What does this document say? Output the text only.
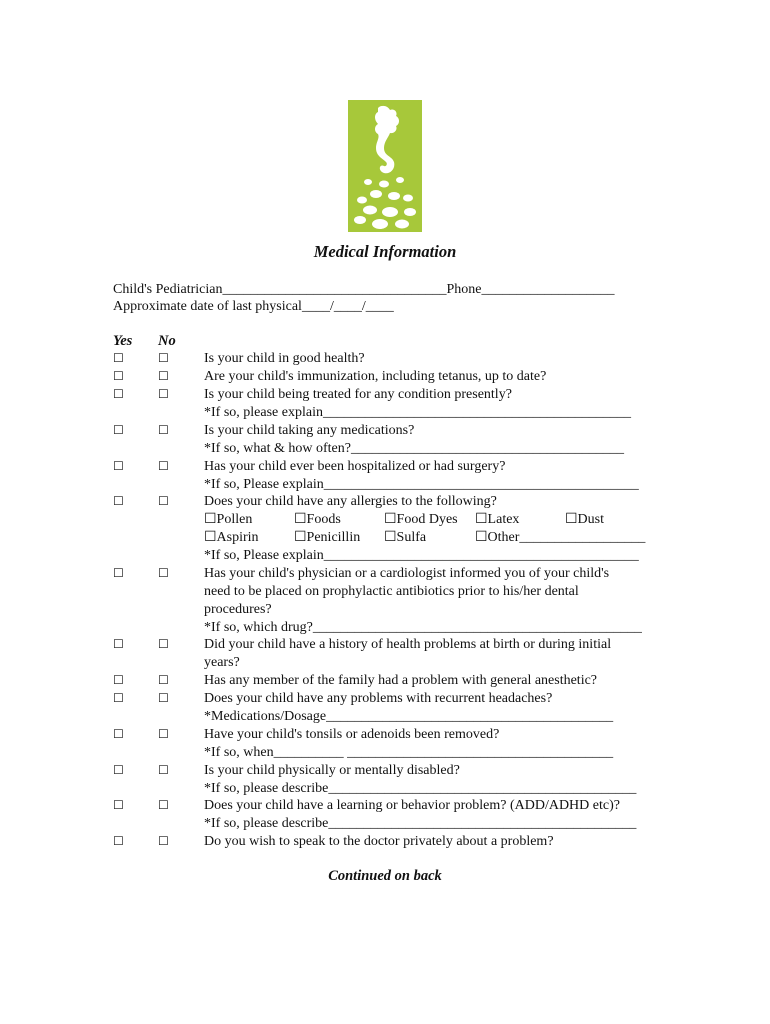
Medical Information
Child's Pediatrician________________________________Phone___________________
Approximate date of last physical____/____/____
Yes No
☐	☐	Is your child in good health?
☐	☐	Are your child's immunization, including tetanus, up to date?
☐	☐	Is your child being treated for any condition presently?
*If so, please explain____________________________________________
☐	☐	Is your child taking any medications?
*If so, what & how often?_______________________________________
☐	☐	Has your child ever been hospitalized or had surgery?
*If so, Please explain_____________________________________________
☐	☐	Does your child have any allergies to the following?
☐Pollen	☐Foods	☐Food Dyes ☐Latex	☐Dust
☐Aspirin	☐Penicillin ☐Sulfa	☐Other__________________
*If so, Please explain_____________________________________________
☐	☐	Has your child's physician or a cardiologist informed you of your child's
need to be placed on prophylactic antibiotics prior to his/her dental
procedures?
*If so, which drug?_______________________________________________
☐	☐	Did your child have a history of health problems at birth or during initial
years?
☐	☐	Has any member of the family had a problem with general anesthetic?
☐	☐	Does your child have any problems with recurrent headaches?
*Medications/Dosage_________________________________________
☐	☐	Have your child's tonsils or adenoids been removed?
*If so, when__________ ______________________________________
☐	☐	Is your child physically or mentally disabled?
*If so, please describe____________________________________________
☐	☐	Does your child have a learning or behavior problem? (ADD/ADHD etc)?
*If so, please describe____________________________________________
☐	☐	Do you wish to speak to the doctor privately about a problem?
Continued on back
